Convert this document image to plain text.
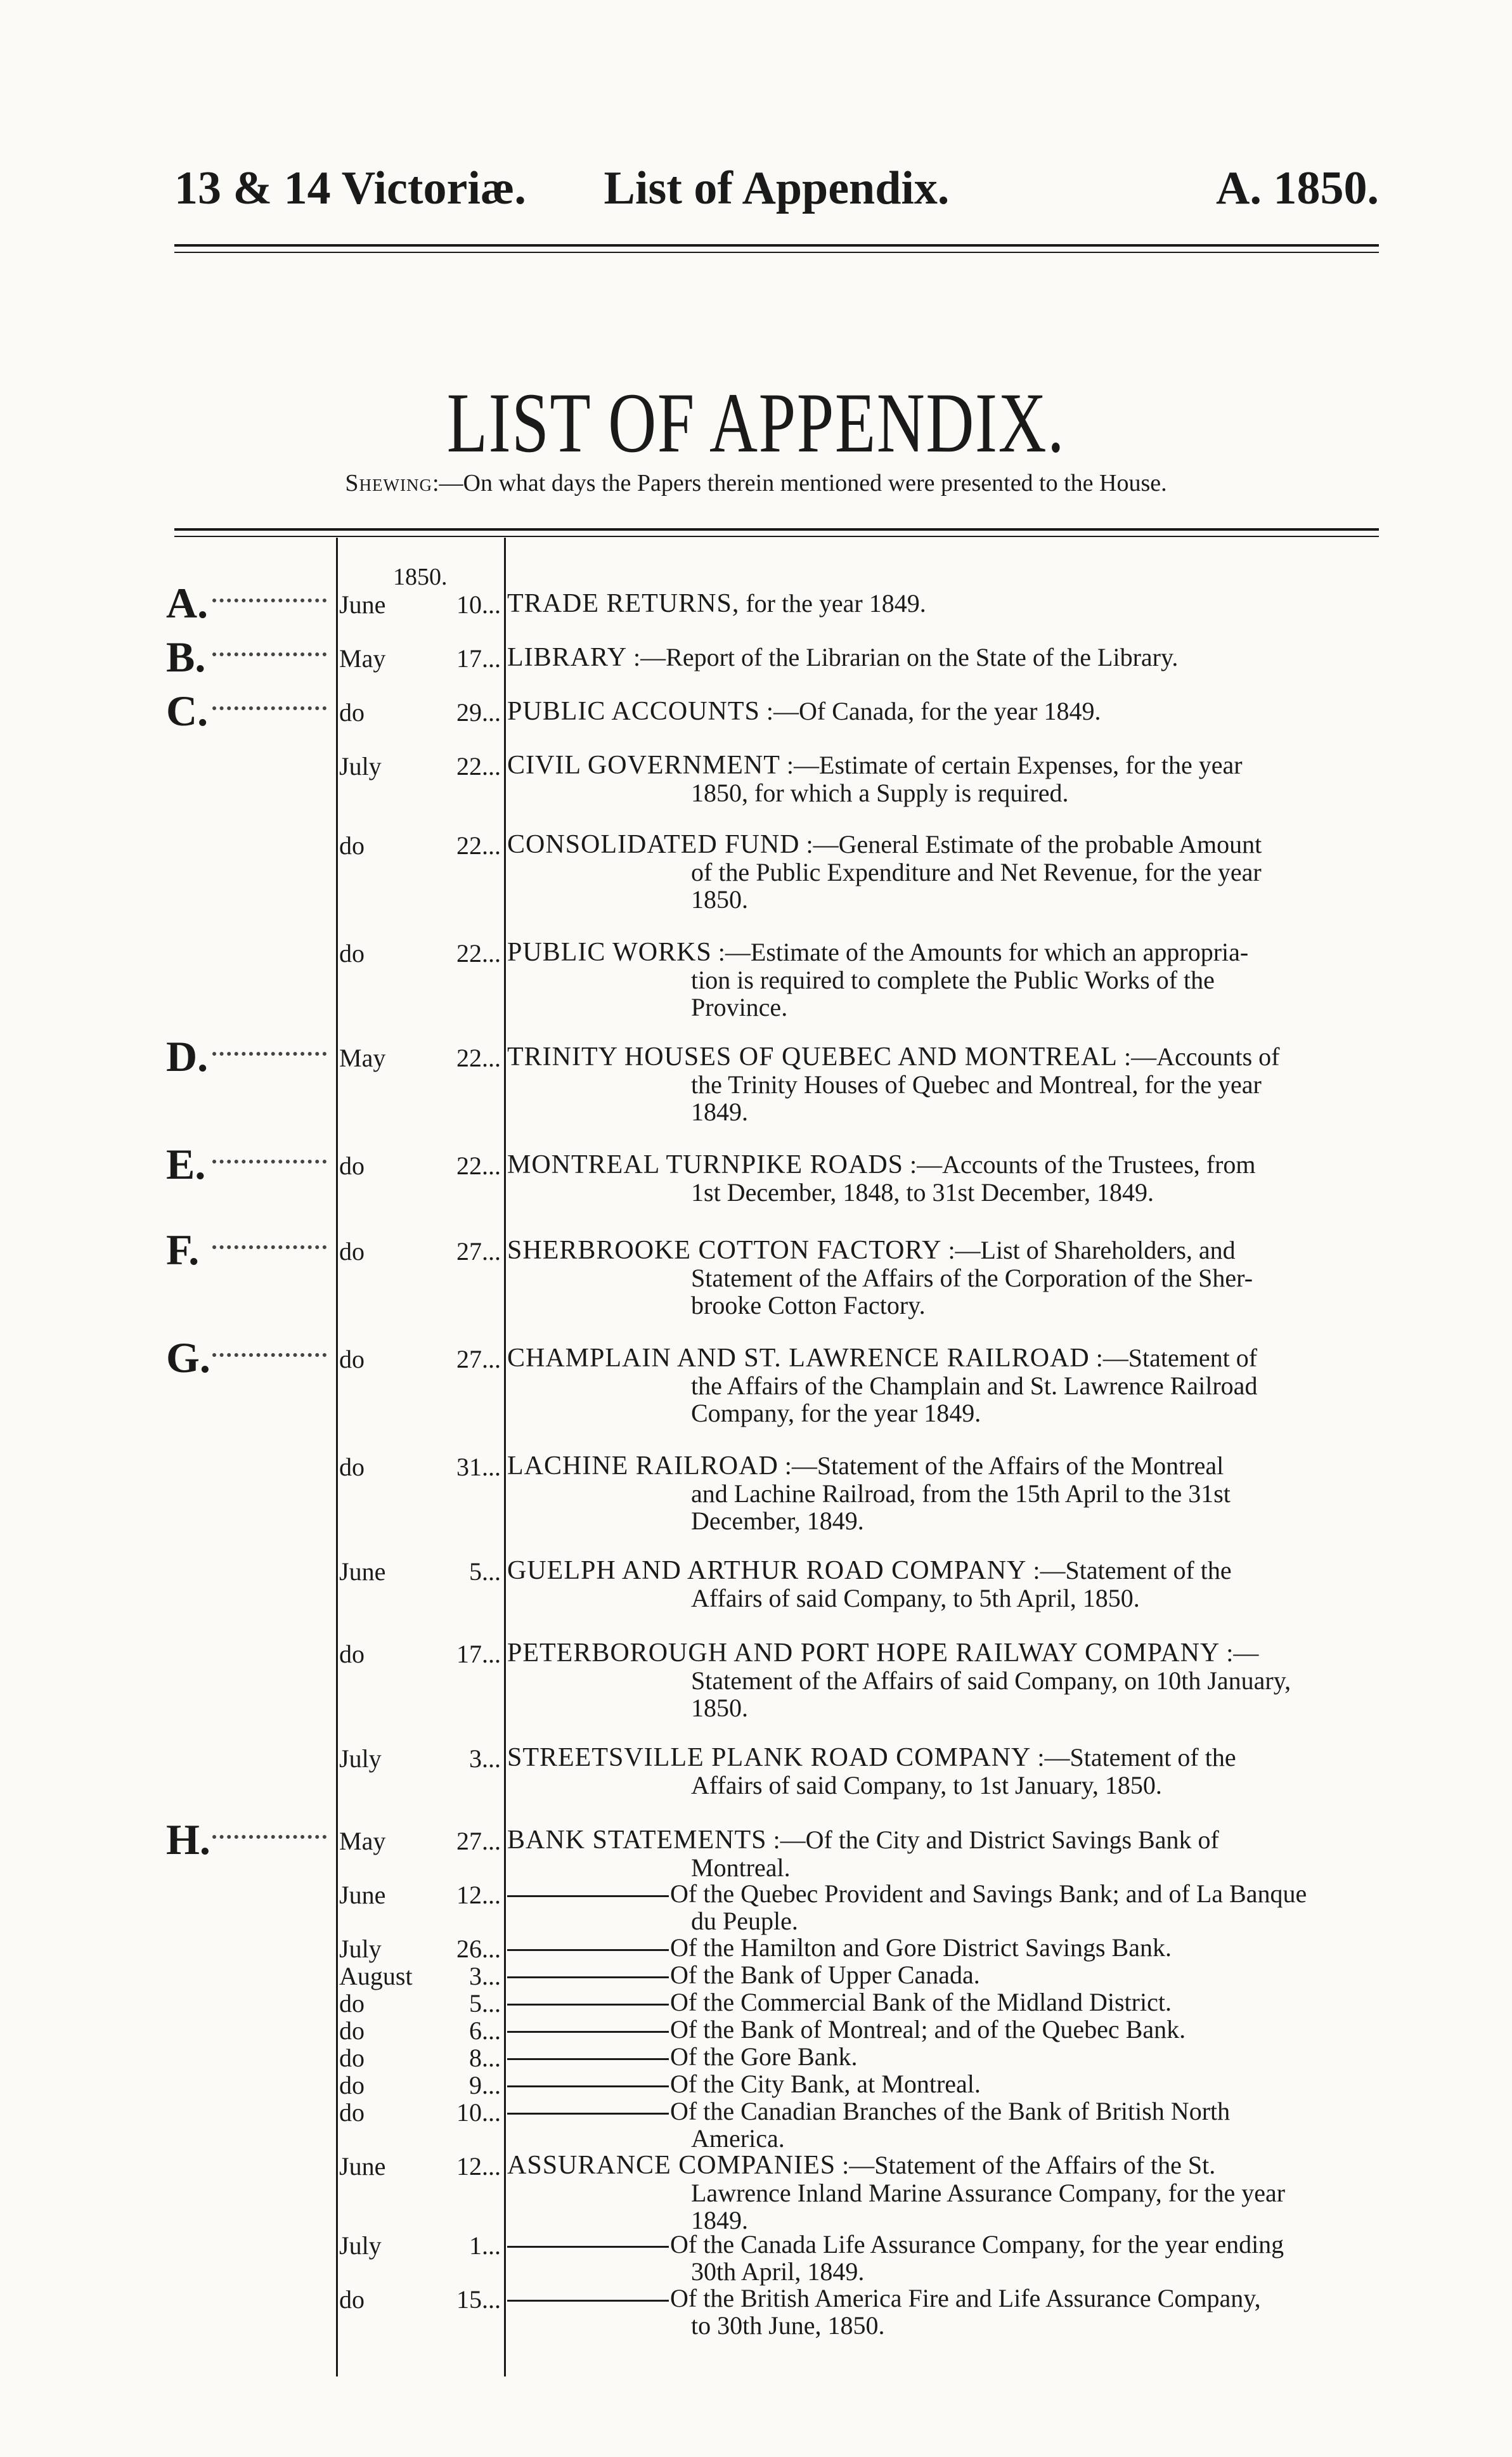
13 & 14 Victoriæ.	List of Appendix.	A. 1850.
LIST OF APPENDIX.
Shewing:—On what days the Papers therein mentioned were presented to the House.
1850.
A.	June	10... TRADE RETURNS, for the year 1849.
B.	May	17... LIBRARY :—Report of the Librarian on the State of the Library.
C.	do	29... PUBLIC ACCOUNTS :—Of Canada, for the year 1849.
July	22... CIVIL GOVERNMENT :—Estimate of certain Expenses, for the year
1850, for which a Supply is required.
do	22... CONSOLIDATED FUND :—General Estimate of the probable Amount
of the Public Expenditure and Net Revenue, for the year
1850.
do	22... PUBLIC WORKS :—Estimate of the Amounts for which an appropria-
tion is required to complete the Public Works of the
Province.
D.	May	22... TRINITY HOUSES OF QUEBEC AND MONTREAL :—Accounts of
the Trinity Houses of Quebec and Montreal, for the year
1849.
E.	do	22... MONTREAL TURNPIKE ROADS :—Accounts of the Trustees, from
1st December, 1848, to 31st December, 1849.
F.	do	27... SHERBROOKE COTTON FACTORY :—List of Shareholders, and
Statement of the Affairs of the Corporation of the Sher-
brooke Cotton Factory.
G.	do	27... CHAMPLAIN AND ST. LAWRENCE RAILROAD :—Statement of
the Affairs of the Champlain and St. Lawrence Railroad
Company, for the year 1849.
do	31... LACHINE RAILROAD :—Statement of the Affairs of the Montreal
and Lachine Railroad, from the 15th April to the 31st
December, 1849.
June	5... GUELPH AND ARTHUR ROAD COMPANY :—Statement of the
Affairs of said Company, to 5th April, 1850.
do	17... PETERBOROUGH AND PORT HOPE RAILWAY COMPANY :—
Statement of the Affairs of said Company, on 10th January,
1850.
July	3... STREETSVILLE PLANK ROAD COMPANY :—Statement of the
Affairs of said Company, to 1st January, 1850.
H.	May	27... BANK STATEMENTS :—Of the City and District Savings Bank of
Montreal.
June	12...	Of the Quebec Provident and Savings Bank; and of La Banque
du Peuple.
July	26...	Of the Hamilton and Gore District Savings Bank.
August	3...	Of the Bank of Upper Canada.
do	5...	Of the Commercial Bank of the Midland District.
do	6...	Of the Bank of Montreal; and of the Quebec Bank.
do	8...	Of the Gore Bank.
do	9...	Of the City Bank, at Montreal.
do	10...	Of the Canadian Branches of the Bank of British North
America.
June	12... ASSURANCE COMPANIES :—Statement of the Affairs of the St.
Lawrence Inland Marine Assurance Company, for the year
1849.
July	1...	Of the Canada Life Assurance Company, for the year ending
30th April, 1849.
do	15...	Of the British America Fire and Life Assurance Company,
to 30th June, 1850.
